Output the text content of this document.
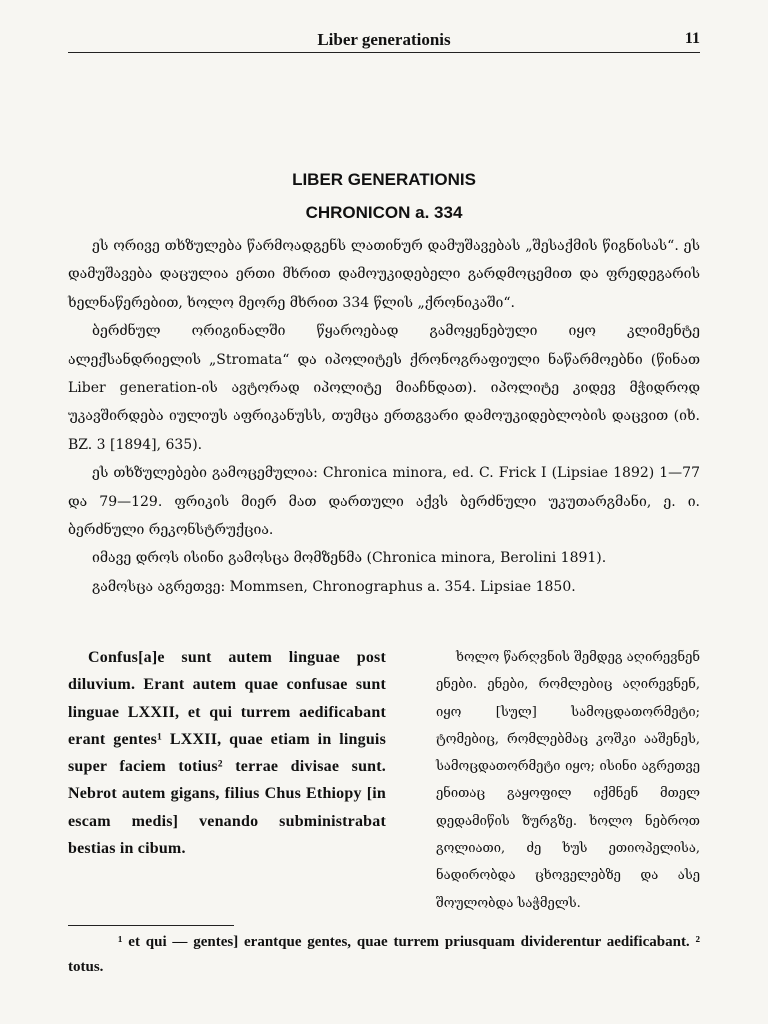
Liber generationis	11
LIBER GENERATIONIS
CHRONICON a. 334

ეს ორივე თხზულება წარმოადგენს ლათინურ დამუშავებას „შესაქმის წიგნისას“. ეს დამუშავება დაცულია ერთი მხრით დამოუკიდებელი გარდმოცემით და ფრედეგარის ხელნაწერებით, ხოლო მეორე მხრით 334 წლის „ქრონიკაში“.

ბერძნულ ორიგინალში წყაროებად გამოყენებული იყო კლიმენტე ალექსანდრიელის „Stromata“ და იპოლიტეს ქრონოგრაფიული ნაწარმოებნი (წინათ Liber generation-ის ავტორად იპოლიტე მიაჩნდათ). იპოლიტე კიდევ მჭიდროდ უკავშირდება იულიუს აფრიკანუსს, თუმცა ერთგვარი დამოუკიდებლობის დაცვით (იხ. BZ. 3 [1894], 635).

ეს თხზულებები გამოცემულია: Chronica minora, ed. C. Frick I (Lipsiae 1892) 1—77 და 79—129. ფრიკის მიერ მათ დართული აქვს ბერძნული უკუთარგმანი, ე. ი. ბერძნული რეკონსტრუქცია.

იმავე დროს ისინი გამოსცა მომზენმა (Chronica minora, Berolini 1891).

გამოსცა აგრეთვე: Mommsen, Chronographus a. 354. Lipsiae 1850.

Confus[a]e sunt autem linguae post diluvium. Erant autem quae confusae sunt linguae LXXII, et qui turrem aedificabant erant gentes¹ LXXII, quae etiam in linguis super faciem totius² terrae divisae sunt. Nebrot autem gigans, filius Chus Ethiopy [in escam medis] venando subministrabat bestias in cibum.

ხოლო წარღვნის შემდეგ აღირევნენ ენები. ენები, რომლებიც აღირევნენ, იყო [სულ] სამოცდათორმეტი; ტომებიც, რომლებმაც კოშკი ააშენეს, სამოცდათორმეტი იყო; ისინი აგრეთვე ენითაც გაყოფილ იქმნენ მთელ დედამიწის ზურგზე. ხოლო ნებროთ გოლიათი, ძე ხუს ეთიოპელისა, ნადირობდა ცხოველებზე და ასე შოულობდა საჭმელს.

¹ et qui — gentes] erantque gentes, quae turrem priusquam dividerentur aedificabant. ² totus.
